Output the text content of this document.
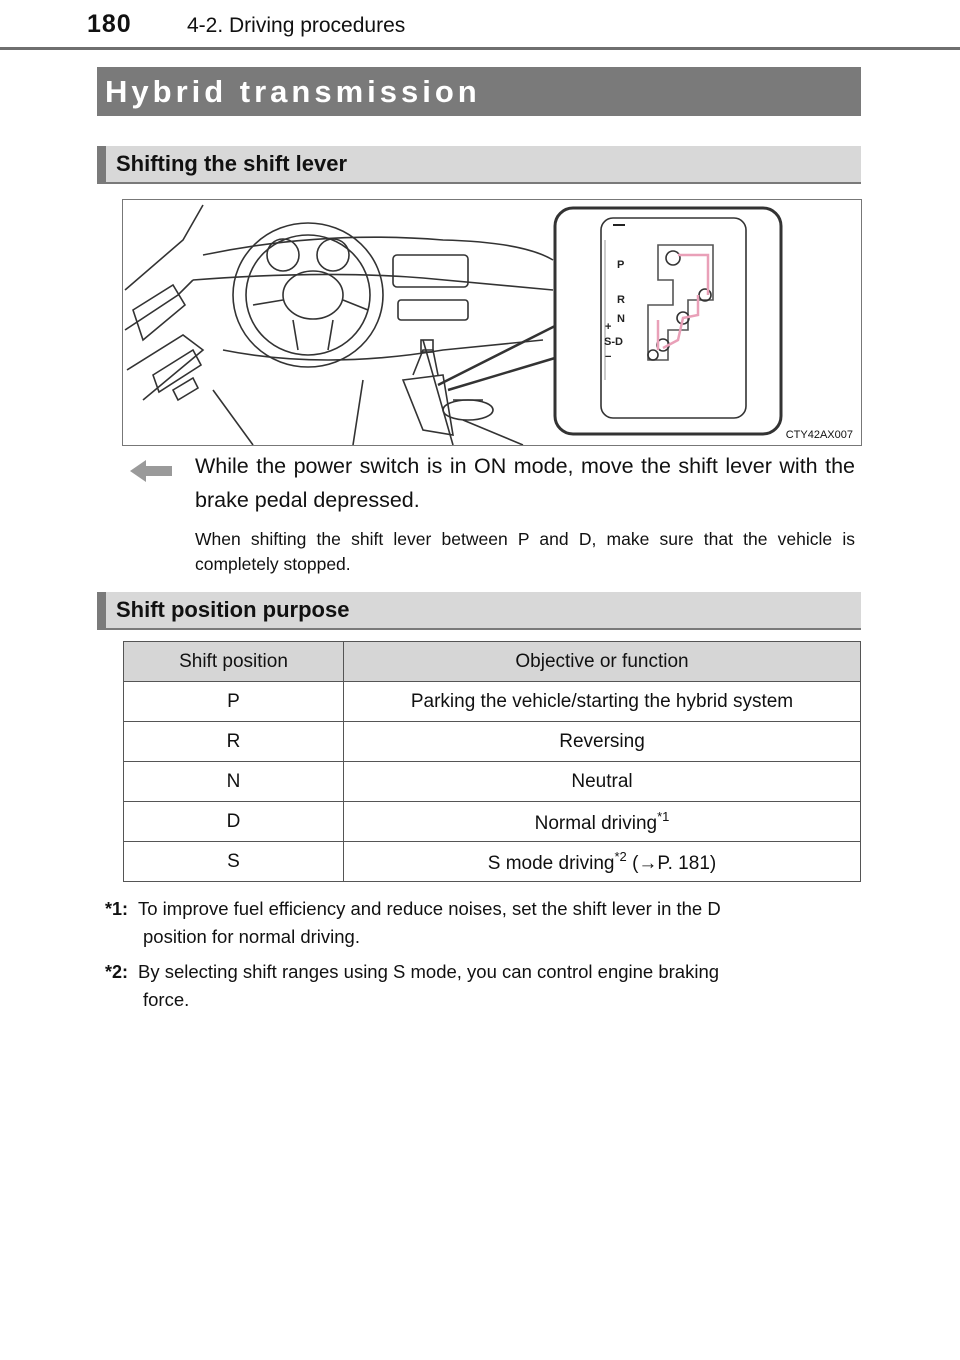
180	4-2. Driving procedures
Hybrid transmission
Shifting the shift lever
P
R
N
+
S-D
−
CTY42AX007
While the power switch is in ON mode, move the shift lever with the brake pedal depressed.
When shifting the shift lever between P and D, make sure that the vehicle is completely stopped.
Shift position purpose
Shift position	Objective or function
P	Parking the vehicle/starting the hybrid system
R	Reversing
N	Neutral
D	Normal driving$^{*1}$
S	S mode driving$^{*2}$ (→P. 181)
*1: To improve fuel efficiency and reduce noises, set the shift lever in the D
position for normal driving.
*2: By selecting shift ranges using S mode, you can control engine braking
force.
